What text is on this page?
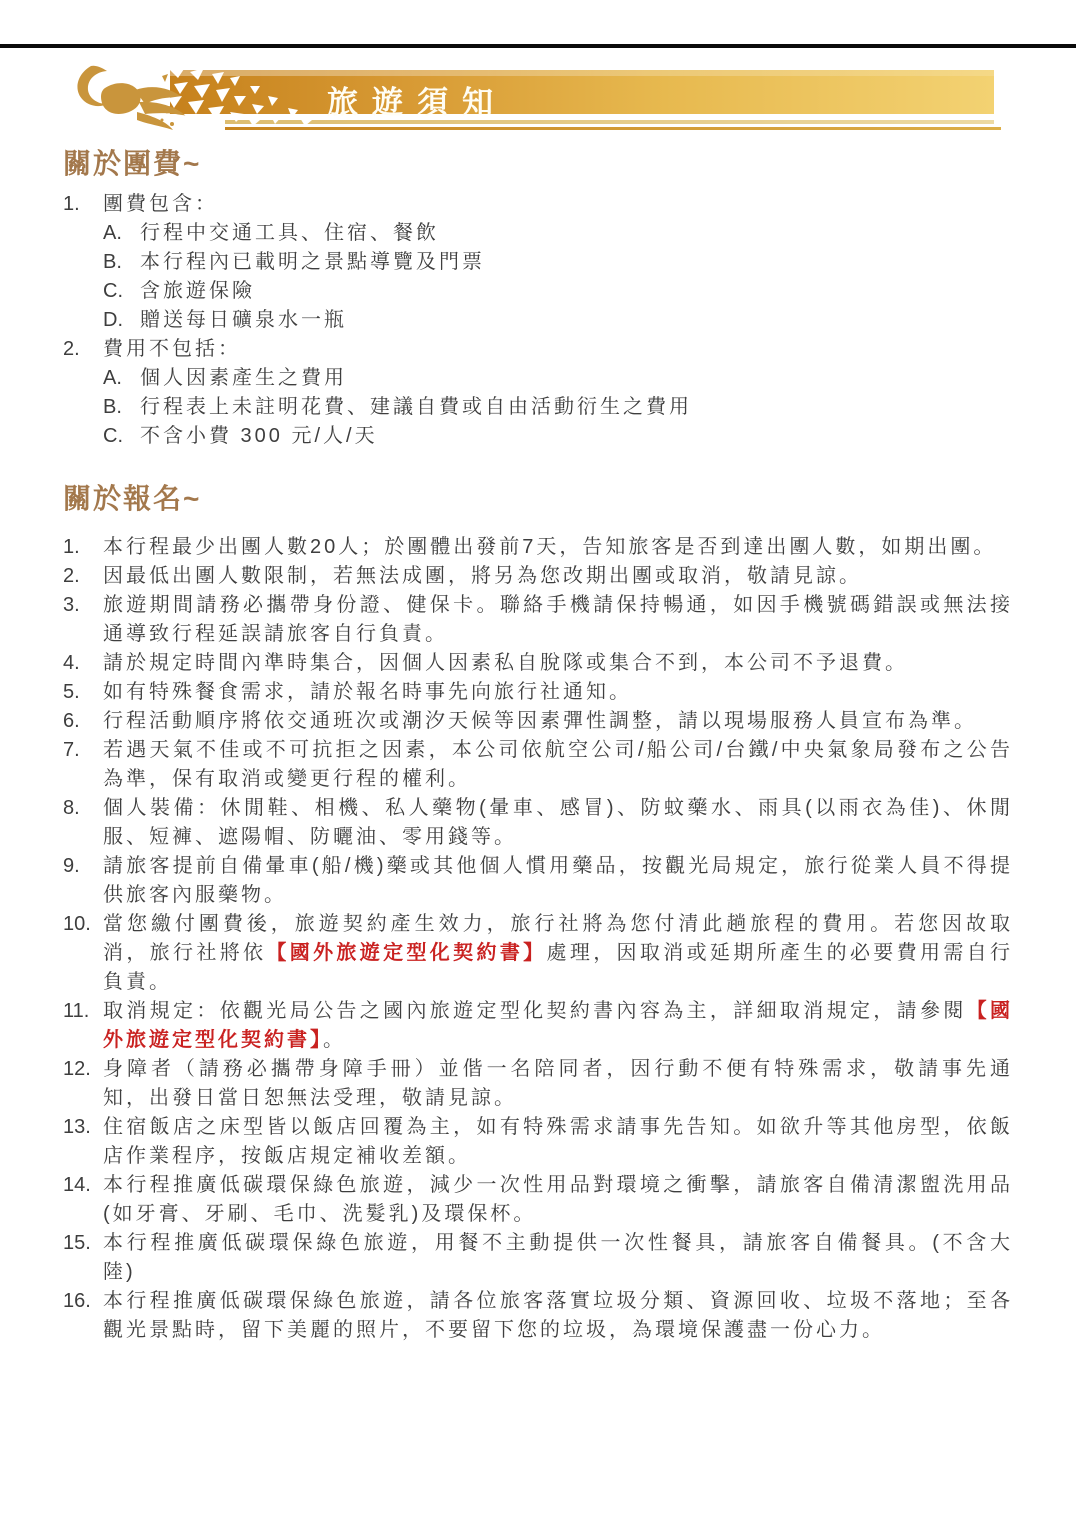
旅遊須知
關於團費~
1.	團費包含：
A. 行程中交通工具、住宿、餐飲
B. 本行程內已載明之景點導覽及門票
C. 含旅遊保險
D. 贈送每日礦泉水一瓶
2.	費用不包括：
A. 個人因素產生之費用
B. 行程表上未註明花費、建議自費或自由活動衍生之費用
C. 不含小費 300 元/人/天
關於報名~
1.	本行程最少出團人數20人；於團體出發前7天，告知旅客是否到達出團人數，如期出團。
2.	因最低出團人數限制，若無法成團，將另為您改期出團或取消，敬請見諒。
3.	旅遊期間請務必攜帶身份證、健保卡。聯絡手機請保持暢通，如因手機號碼錯誤或無法接通導致行程延誤請旅客自行負責。
4.	請於規定時間內準時集合，因個人因素私自脫隊或集合不到，本公司不予退費。
5.	如有特殊餐食需求，請於報名時事先向旅行社通知。
6.	行程活動順序將依交通班次或潮汐天候等因素彈性調整，請以現場服務人員宣布為準。
7.	若遇天氣不佳或不可抗拒之因素，本公司依航空公司/船公司/台鐵/中央氣象局發布之公告為準，保有取消或變更行程的權利。
8.	個人裝備：休閒鞋、相機、私人藥物(暈車、感冒)、防蚊藥水、雨具(以雨衣為佳)、休閒服、短褲、遮陽帽、防曬油、零用錢等。
9.	請旅客提前自備暈車(船/機)藥或其他個人慣用藥品，按觀光局規定，旅行從業人員不得提供旅客內服藥物。
10. 當您繳付團費後，旅遊契約產生效力，旅行社將為您付清此趟旅程的費用。若您因故取消，旅行社將依【國外旅遊定型化契約書】處理，因取消或延期所產生的必要費用需自行負責。
11. 取消規定：依觀光局公告之國內旅遊定型化契約書內容為主，詳細取消規定，請參閱【國外旅遊定型化契約書】。
12. 身障者（請務必攜帶身障手冊）並偕一名陪同者，因行動不便有特殊需求，敬請事先通知，出發日當日恕無法受理，敬請見諒。
13. 住宿飯店之床型皆以飯店回覆為主，如有特殊需求請事先告知。如欲升等其他房型，依飯店作業程序，按飯店規定補收差額。
14. 本行程推廣低碳環保綠色旅遊，減少一次性用品對環境之衝擊，請旅客自備清潔盥洗用品(如牙膏、牙刷、毛巾、洗髮乳)及環保杯。
15. 本行程推廣低碳環保綠色旅遊，用餐不主動提供一次性餐具，請旅客自備餐具。(不含大陸)
16. 本行程推廣低碳環保綠色旅遊，請各位旅客落實垃圾分類、資源回收、垃圾不落地；至各觀光景點時，留下美麗的照片，不要留下您的垃圾，為環境保護盡一份心力。
